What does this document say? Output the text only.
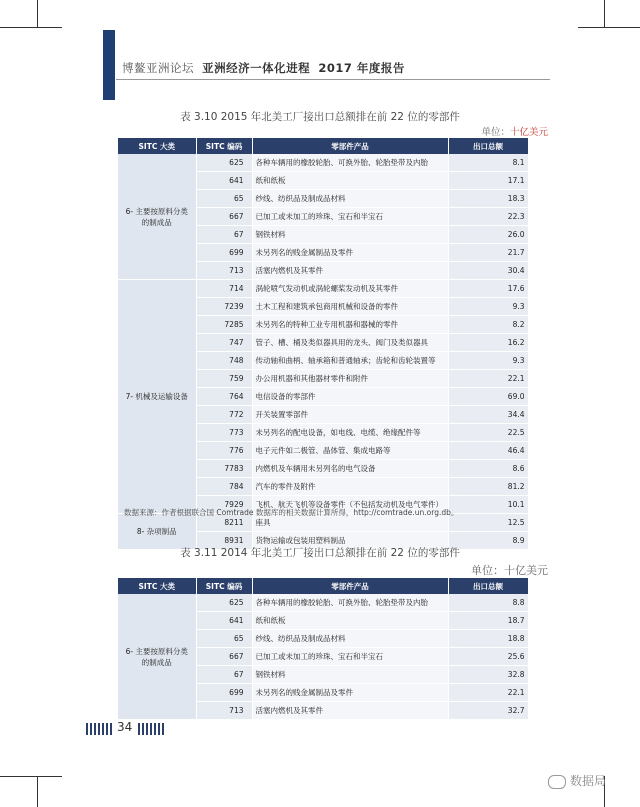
博鳌亚洲论坛 亚洲经济一体化进程 2017 年度报告
表 3.10 2015 年北美工厂接出口总额排在前 22 位的零部件
单位：十亿美元
SITC 大类	SITC 编码	零部件产品	出口总额
6- 主要按原料分类的制成品	625	各种车辆用的橡胶轮胎、可换外胎、轮胎垫带及内胎	8.1
	641	纸和纸板	17.1
	65	纱线、纺织品及制成品材料	18.3
	667	已加工或未加工的珍珠、宝石和半宝石	22.3
	67	钢铁材料	26.0
	699	未另列名的贱金属制品及零件	21.7
	713	活塞内燃机及其零件	30.4
7- 机械及运输设备	714	涡轮喷气发动机或涡轮螺桨发动机及其零件	17.6
	7239	土木工程和建筑承包商用机械和设备的零件	9.3
	7285	未另列名的特种工业专用机器和器械的零件	8.2
	747	管子、槽、桶及类似器具用的龙头、阀门及类似器具	16.2
	748	传动轴和曲柄、轴承箱和普通轴承；齿轮和齿轮装置等	9.3
	759	办公用机器和其他器材零件和附件	22.1
	764	电信设备的零部件	69.0
	772	开关装置零部件	34.4
	773	未另列名的配电设备，如电线、电缆、绝缘配件等	22.5
	776	电子元件如二极管、晶体管、集成电路等	46.4
	7783	内燃机及车辆用未另列名的电气设备	8.6
	784	汽车的零件及附件	81.2
	7929	飞机、航天飞机等设备零件（不包括发动机及电气零件）	10.1
8- 杂项制品	8211	座具	12.5
	8931	货物运输或包装用塑料制品	8.9
数据来源：作者根据联合国 Comtrade 数据库的相关数据计算所得，http://comtrade.un.org.db。
表 3.11 2014 年北美工厂接出口总额排在前 22 位的零部件
单位：十亿美元
SITC 大类	SITC 编码	零部件产品	出口总额
6- 主要按原料分类的制成品	625	各种车辆用的橡胶轮胎、可换外胎、轮胎垫带及内胎	8.8
	641	纸和纸板	18.7
	65	纱线、纺织品及制成品材料	18.8
	667	已加工或未加工的珍珠、宝石和半宝石	25.6
	67	钢铁材料	32.8
	699	未另列名的贱金属制品及零件	22.1
	713	活塞内燃机及其零件	32.7
34
数据局
